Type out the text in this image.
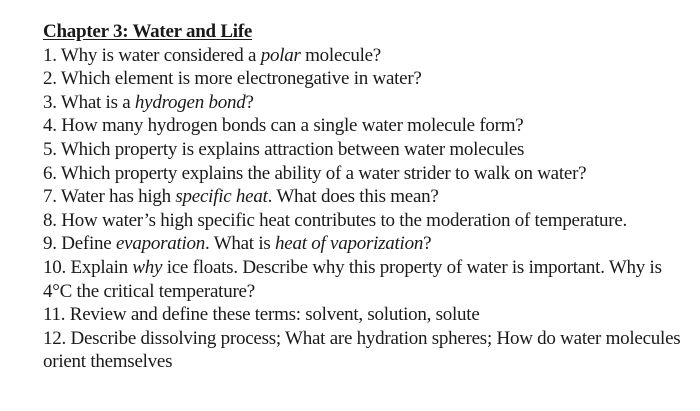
Chapter 3: Water and Life
1. Why is water considered a polar molecule?
2. Which element is more electronegative in water?
3. What is a hydrogen bond?
4. How many hydrogen bonds can a single water molecule form?
5. Which property is explains attraction between water molecules
6. Which property explains the ability of a water strider to walk on water?
7. Water has high specific heat. What does this mean?
8. How water’s high specific heat contributes to the moderation of temperature.
9. Define evaporation. What is heat of vaporization?
10. Explain why ice floats. Describe why this property of water is important. Why is 4°C the critical temperature?
11. Review and define these terms: solvent, solution, solute
12. Describe dissolving process; What are hydration spheres; How do water molecules orient themselves
